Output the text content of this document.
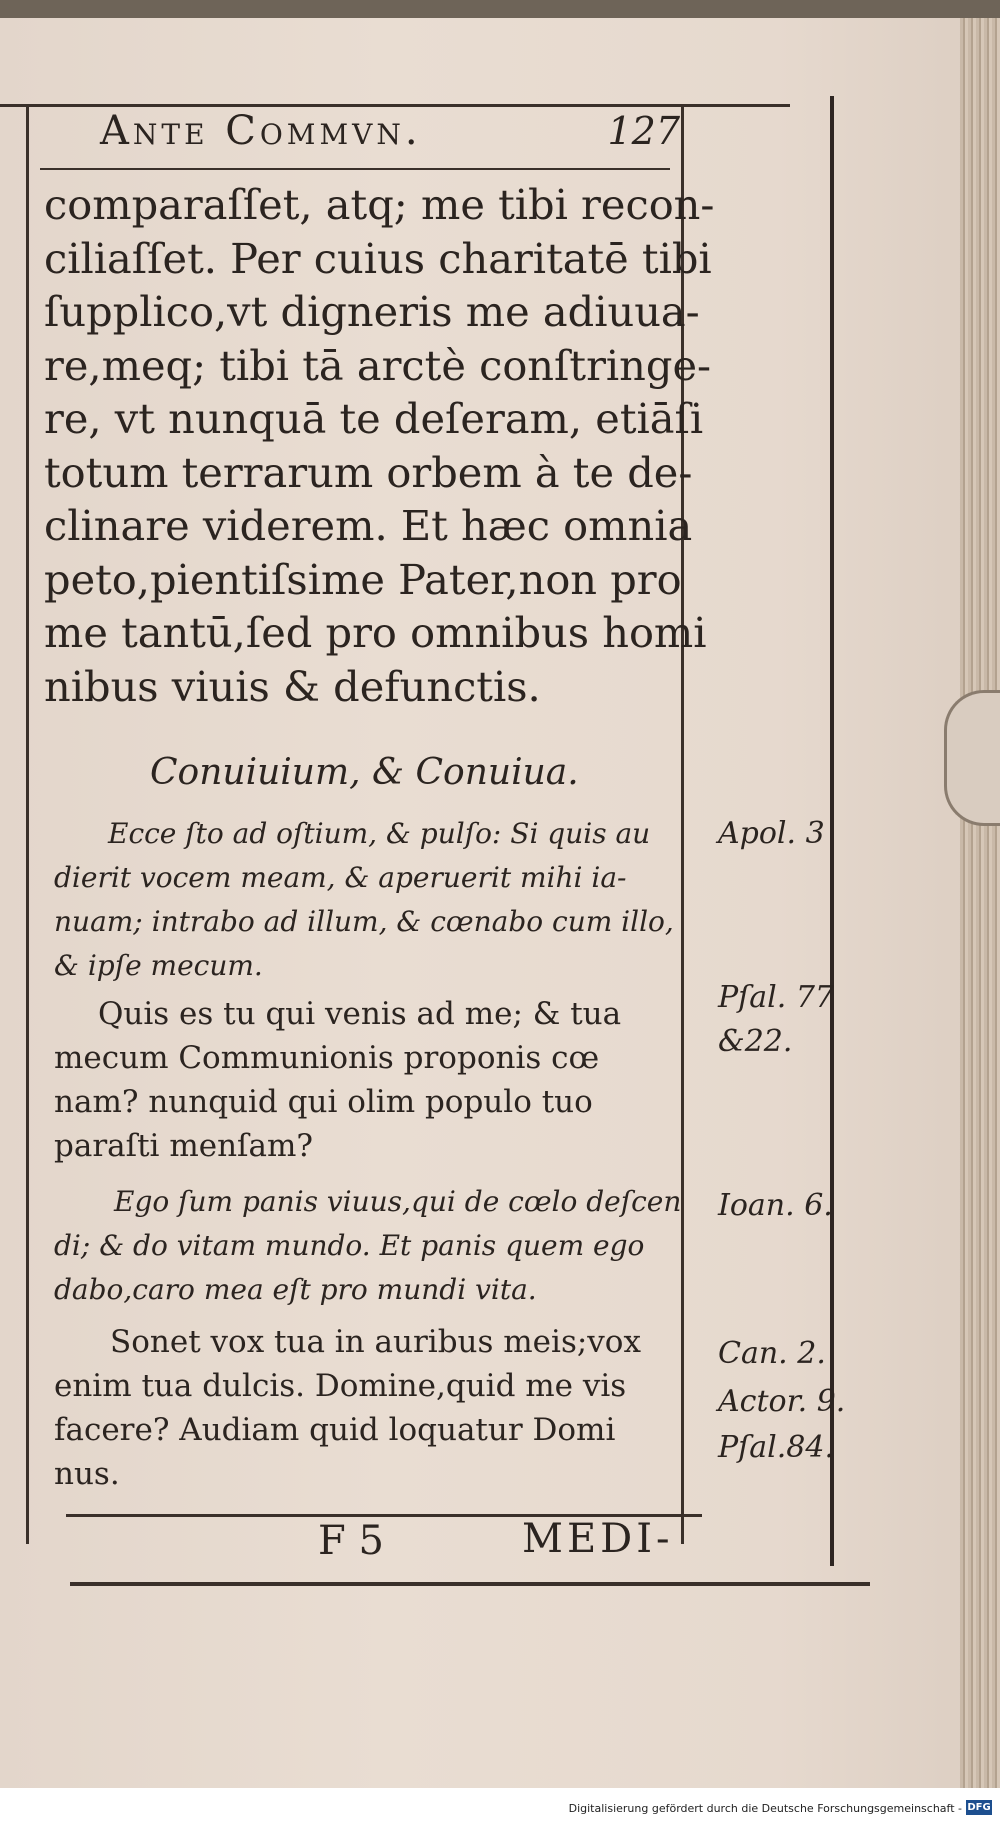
Ante Commvn.	127
comparaſſet, atq; me tibi recon-
ciliaſſet. Per cuius charitatē tibi
ſupplico,vt digneris me adiuua-
re,meq; tibi tā arctè conſtringe-
re, vt nunquā te deſeram, etiāſi
totum terrarum orbem à te de-
clinare viderem. Et hæc omnia
peto,pientiſsime Pater,non pro
me tantū,ſed pro omnibus homi
nibus viuis & defunctis.
Conuiuium, & Conuiua.
Ecce ſto ad oſtium, & pulſo: Si quis au
dierit vocem meam, & aperuerit mihi ia-
nuam; intrabo ad illum, & cœnabo cum illo,
& ipſe mecum.
Quis es tu qui venis ad me; & tua
mecum Communionis proponis cœ
nam? nunquid qui olim populo tuo
paraſti menſam?
Ego ſum panis viuus,qui de cœlo deſcen
di; & do vitam mundo. Et panis quem ego
dabo,caro mea eſt pro mundi vita.
Sonet vox tua in auribus meis;vox
enim tua dulcis. Domine,quid me vis
facere? Audiam quid loquatur Domi
nus.
Apol. 3
Pſal. 77
&22.
Ioan. 6.
Can. 2.
Actor. 9.
Pſal.84.
F 5	MEDI-
Digitalisierung gefördert durch die Deutsche Forschungsgemeinschaft - DFG
